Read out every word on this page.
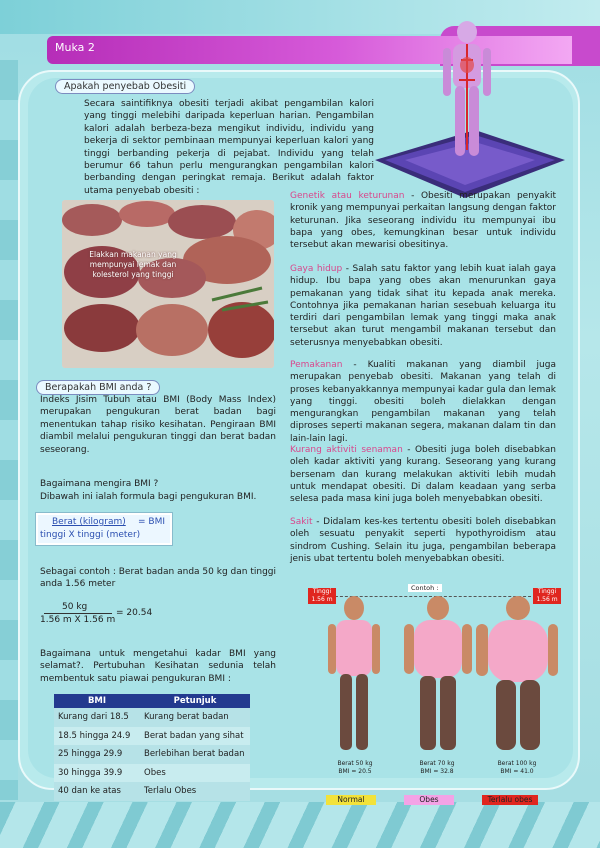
Muka 2
Apakah penyebab Obesiti
Secara saintifiknya obesiti terjadi akibat pengambilan kalori yang tinggi melebihi daripada keperluan harian. Pengambilan kalori adalah berbeza-beza mengikut individu, individu yang bekerja di sektor pembinaan mempunyai keperluan kalori yang tinggi berbanding pekerja di pejabat. Individu yang telah berumur 66 tahun perlu mengurangkan pengambilan kalori berbanding dengan peringkat remaja. Berikut adalah faktor utama penyebab obesiti :
Elakkan makanan yang mempunyai lemak dan kolesterol yang tinggi
Genetik atau keturunan - Obesiti merupakan penyakit kronik yang mempunyai perkaitan langsung dengan faktor keturunan. Jika seseorang individu itu mempunyai ibu bapa yang obes, kemungkinan besar untuk individu tersebut akan mewarisi obesitinya.
Gaya hidup - Salah satu faktor yang lebih kuat ialah gaya hidup. Ibu bapa yang obes akan menurunkan gaya pemakanan yang tidak sihat itu kepada anak mereka. Contohnya jika pemakanan harian sesebuah keluarga itu terdiri dari pengambilan lemak yang tinggi maka anak tersebut akan turut mengambil makanan tersebut dan seterusnya menyebabkan obesiti.
Pemakanan - Kualiti makanan yang diambil juga merupakan penyebab obesiti. Makanan yang telah di proses kebanyakkannya mempunyai kadar gula dan lemak yang tinggi. obesiti boleh dielakkan dengan mengurangkan pengambilan makanan yang telah diproses seperti makanan segera, makanan dalam tin dan lain-lain lagi.
Kurang aktiviti senaman - Obesiti juga boleh disebabkan oleh kadar aktiviti yang kurang. Seseorang yang kurang bersenam dan kurang melakukan aktiviti lebih mudah untuk mendapat obesiti. Di dalam keadaan yang serba selesa pada masa kini juga boleh menyebabkan obesiti.
Sakit - Didalam kes-kes tertentu obesiti boleh disebabkan oleh sesuatu penyakit seperti hypothyroidism atau sindrom Cushing. Selain itu juga, pengambilan beberapa jenis ubat tertentu boleh menyebabkan obesiti.
Berapakah BMI anda ?
Indeks Jisim Tubuh atau BMI (Body Mass Index) merupakan pengukuran berat badan bagi menentukan tahap risiko kesihatan. Pengiraan BMI diambil melalui pengukuran tinggi dan berat badan seseorang.
Bagaimana mengira BMI ?
Dibawah ini ialah formula bagi pengukuran BMI.
Berat (kilogram) = BMI
tinggi X tinggi (meter)
Sebagai contoh : Berat badan anda 50 kg dan tinggi anda 1.56 meter
50 kg
= 20.54
1.56 m X 1.56 m
Bagaimana untuk mengetahui kadar BMI yang selamat?. Pertubuhan Kesihatan sedunia telah membentuk satu piawai pengukuran BMI :
BMI	Petunjuk
Kurang dari 18.5	Kurang berat badan
18.5 hingga 24.9	Berat badan yang sihat
25 hingga 29.9	Berlebihan berat badan
30 hingga 39.9	Obes
40 dan ke atas	Terlalu Obes
Contoh :
Tinggi 1.56 m
Tinggi 1.56 m
Berat 50 kg BMI = 20.5
Berat 70 kg BMI = 32.8
Berat 100 kg BMI = 41.0
Normal	Obes	Terlalu obes
